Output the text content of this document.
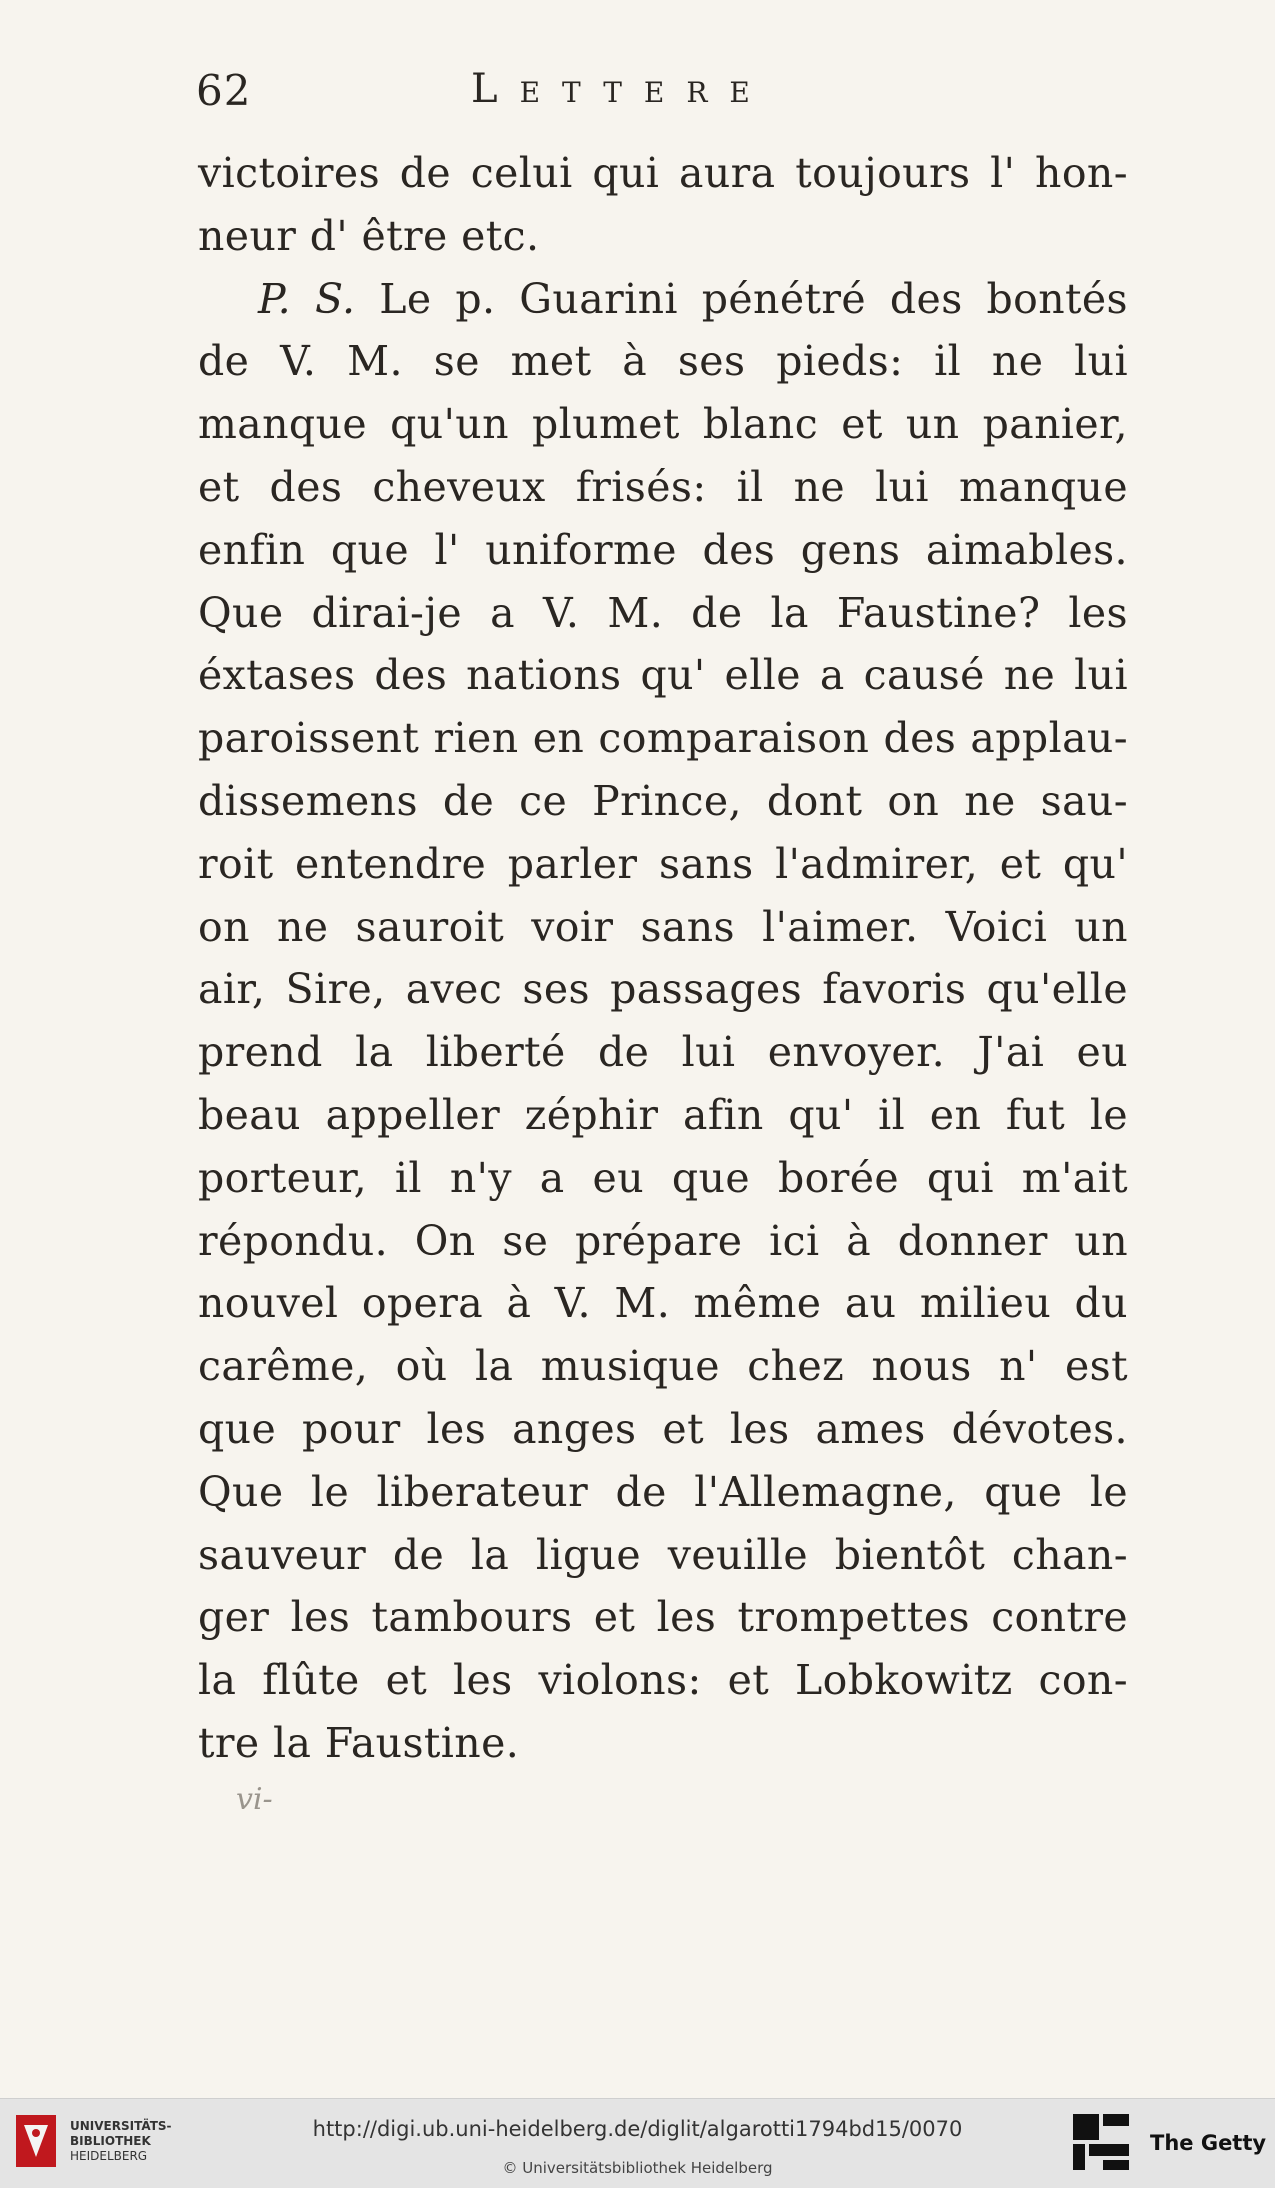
62	Lettere
victoires de celui qui aura toujours l' hon-
neur d' être etc.
P. S. Le p. Guarini pénétré des bontés
de V. M. se met à ses pieds: il ne lui
manque qu'un plumet blanc et un panier,
et des cheveux frisés: il ne lui manque
enfin que l' uniforme des gens aimables.
Que dirai-je a V. M. de la Faustine? les
éxtases des nations qu' elle a causé ne lui
paroissent rien en comparaison des applau-
dissemens de ce Prince, dont on ne sau-
roit entendre parler sans l'admirer, et qu'
on ne sauroit voir sans l'aimer. Voici un
air, Sire, avec ses passages favoris qu'elle
prend la liberté de lui envoyer. J'ai eu
beau appeller zéphir afin qu' il en fut le
porteur, il n'y a eu que borée qui m'ait
répondu. On se prépare ici à donner un
nouvel opera à V. M. même au milieu du
carême, où la musique chez nous n' est
que pour les anges et les ames dévotes.
Que le liberateur de l'Allemagne, que le
sauveur de la ligue veuille bientôt chan-
ger les tambours et les trompettes contre
la flûte et les violons: et Lobkowitz con-
tre la Faustine.
vi-
UNIVERSITÄTS-
BIBLIOTHEK
HEIDELBERG
http://digi.ub.uni-heidelberg.de/diglit/algarotti1794bd15/0070
© Universitätsbibliothek Heidelberg
The Getty
